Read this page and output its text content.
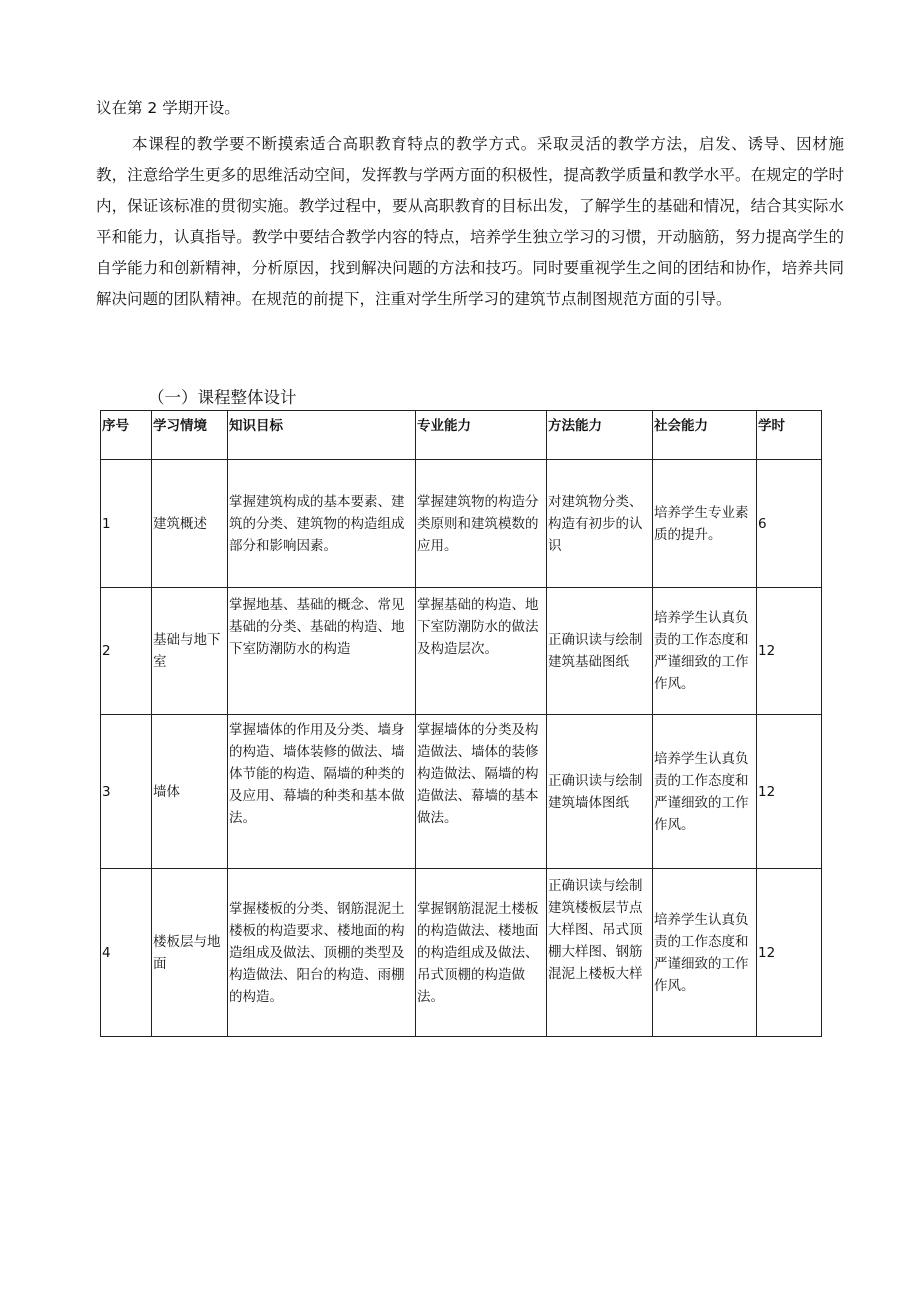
议在第 2 学期开设。

本课程的教学要不断摸索适合高职教育特点的教学方式。采取灵活的教学方法，启发、诱导、因材施教，注意给学生更多的思维活动空间，发挥教与学两方面的积极性，提高教学质量和教学水平。在规定的学时内，保证该标准的贯彻实施。教学过程中，要从高职教育的目标出发，了解学生的基础和情况，结合其实际水平和能力，认真指导。教学中要结合教学内容的特点，培养学生独立学习的习惯，开动脑筋，努力提高学生的自学能力和创新精神，分析原因，找到解决问题的方法和技巧。同时要重视学生之间的团结和协作，培养共同解决问题的团队精神。在规范的前提下，注重对学生所学习的建筑节点制图规范方面的引导。

（一）课程整体设计
序号	学习情境	知识目标	专业能力	方法能力	社会能力	学时
1	建筑概述	掌握建筑构成的基本要素、建筑的分类、建筑物的构造组成部分和影响因素。	掌握建筑物的构造分类原则和建筑模数的应用。	对建筑物分类、构造有初步的认识	培养学生专业素质的提升。	6
2	基础与地下室	掌握地基、基础的概念、常见基础的分类、基础的构造、地下室防潮防水的构造	掌握基础的构造、地下室防潮防水的做法及构造层次。	正确识读与绘制建筑基础图纸	培养学生认真负责的工作态度和严谨细致的工作作风。	12
3	墙体	掌握墙体的作用及分类、墙身的构造、墙体装修的做法、墙体节能的构造、隔墙的种类的及应用、幕墙的种类和基本做法。	掌握墙体的分类及构造做法、墙体的装修构造做法、隔墙的构造做法、幕墙的基本做法。	正确识读与绘制建筑墙体图纸	培养学生认真负责的工作态度和严谨细致的工作作风。	12
4	楼板层与地面	掌握楼板的分类、钢筋混泥土楼板的构造要求、楼地面的构造组成及做法、顶棚的类型及构造做法、阳台的构造、雨棚的构造。	掌握钢筋混泥土楼板的构造做法、楼地面的构造组成及做法、吊式顶棚的构造做法。	正确识读与绘制建筑楼板层节点大样图、吊式顶棚大样图、钢筋混泥上楼板大样	培养学生认真负责的工作态度和严谨细致的工作作风。	12
